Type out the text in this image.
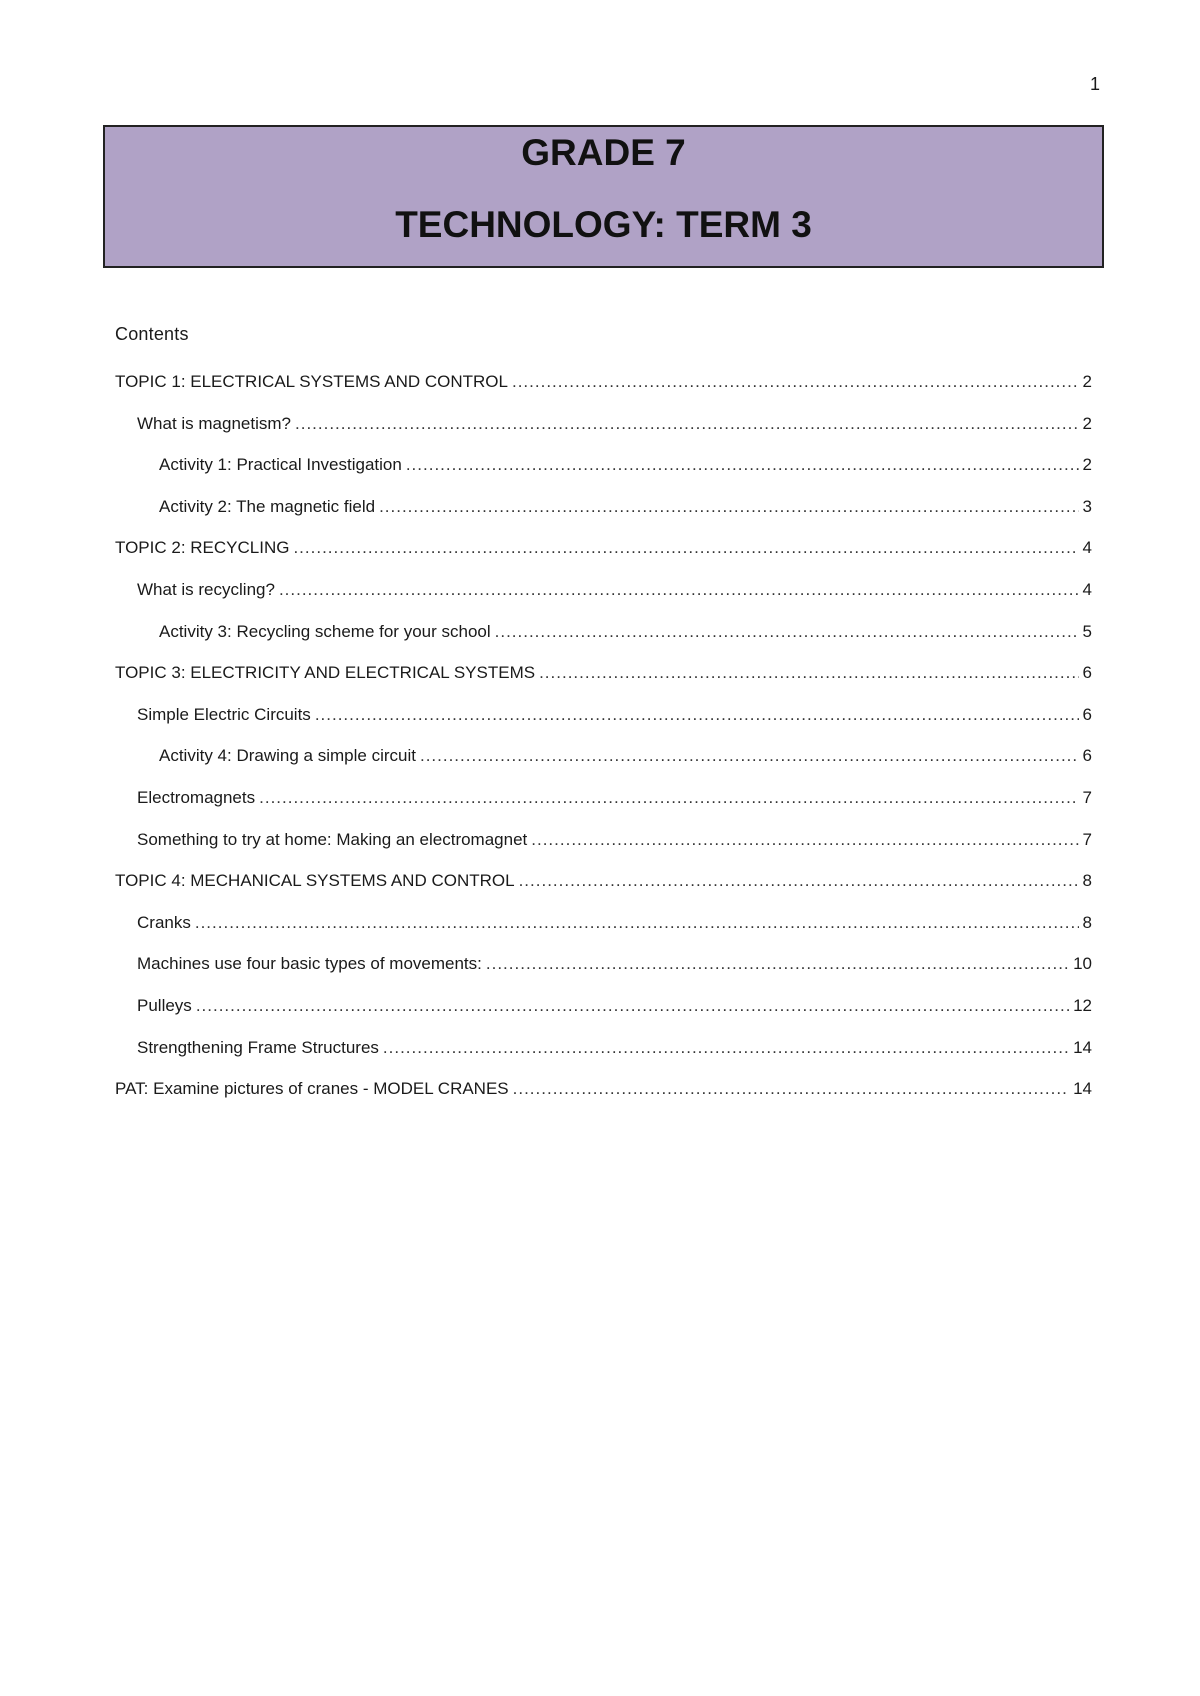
1
GRADE 7
TECHNOLOGY: TERM 3
Contents
TOPIC 1: ELECTRICAL SYSTEMS AND CONTROL .....	2
What is magnetism? .....	2
Activity 1: Practical Investigation .....	2
Activity 2: The magnetic field .....	3
TOPIC 2: RECYCLING .....	4
What is recycling? .....	4
Activity 3: Recycling scheme for your school .....	5
TOPIC 3: ELECTRICITY AND ELECTRICAL SYSTEMS .....	6
Simple Electric Circuits .....	6
Activity 4: Drawing a simple circuit .....	6
Electromagnets .....	7
Something to try at home: Making an electromagnet .....	7
TOPIC 4: MECHANICAL SYSTEMS AND CONTROL .....	8
Cranks .....	8
Machines use four basic types of movements: .....	10
Pulleys .....	12
Strengthening Frame Structures .....	14
PAT: Examine pictures of cranes - MODEL CRANES .....	14
